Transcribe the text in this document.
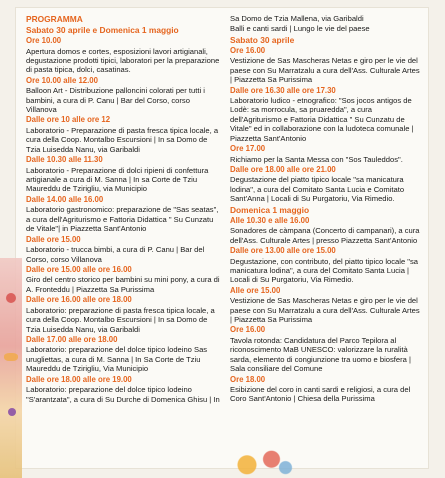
PROGRAMMA
Sabato 30 aprile e Domenica 1 maggio
Ore 10.00
Apertura domos e cortes, esposizioni lavori artigianali, degustazione prodotti tipici, laboratori per la preparazione di pasta tipica, dolci, casatinas.
Ore 10.00 alle 12.00
Balloon Art - Distribuzione palloncini colorati per tutti i bambini, a cura di P. Canu | Bar del Corso, corso Villanova
Dalle ore 10 alle ore 12
Laboratorio - Preparazione di pasta fresca tipica locale, a cura della Coop. Montalbo Escursioni | In sa Domo de Tzia Luisedda Nanu, via Garibaldi
Dalle 10.30 alle 11.30
Laboratorio - Preparazione di dolci ripieni di confettura artigianale a cura di M. Sanna | In sa Corte de Tziu Maureddu de Tzirigliu, via Municipio
Dalle 14.00 alle 16.00
Laboratorio gastronomico: preparazione de "Sas seatas", a cura dell'Agriturismo e Fattoria Didattica " Su Cunzatu de Vitale"| in Piazzetta Sant'Antonio
Dalle ore 15.00
Laboratorio - trucca bimbi, a cura di P. Canu | Bar del Corso, corso Villanova
Dalle ore 15.00 alle ore 16.00
Giro del centro storico per bambini su mini pony, a cura di A. Fronteddu | Piazzetta Sa Purissima
Dalle ore 16.00 alle ore 18.00
Laboratorio: preparazione di pasta fresca tipica locale, a cura della Coop. Montalbo Escursioni | In sa Domo de Tzia Luisedda Nanu, via Garibaldi
Dalle 17.00 alle ore 18.00
Laboratorio: preparazione del dolce tipico lodeino Sas urugliettas, a cura di M. Sanna | In Sa Corte de Tziu Maureddu de Tzirigliu, Via Municipio
Dalle ore 18.00 alle ore 19.00
Laboratorio: preparazione del dolce tipico lodeino "S'arantzata", a cura di Su Durche di Domenica Ghisu | In
Sa Domo de Tzia Mallena, via Garibaldi
Balli e canti sardi | Lungo le vie del paese
Sabato 30 aprile
Ore 16.00
Vestizione de Sas Mascheras Netas e giro per le vie del paese con Su Marratzalu a cura dell'Ass. Culturale Artes | Piazzetta Sa Purissima
Dalle ore 16.30 alle ore 17.30
Laboratorio ludico - etnografico: "Sos jocos antigos de Lodè: sa morrocula, sa pruaredda", a cura dell'Agriturismo e Fattoria Didattica " Su Cunzatu de Vitale" ed in collaborazione con la ludoteca comunale | Piazzetta Sant'Antonio
Ore 17.00
Richiamo per la Santa Messa con "Sos Tauleddos".
Dalle ore 18.00 alle ore 21.00
Degustazione del piatto tipico locale "sa manicatura lodina", a cura del Comitato Santa Lucia e Comitato Sant'Anna | Locali di Su Purgatoriu, Via Rimedio.
Domenica 1 maggio
Alle 10.30 e alle 16.00
Sonadores de càmpana (Concerto di campanari), a cura dell'Ass. Culturale Artes | presso Piazzetta Sant'Antonio
Dalle ore 13.00 alle ore 15.00
Degustazione, con contributo, del piatto tipico locale "sa manicatura lodina", a cura del Comitato Santa Lucia | Locali di Su Purgatoriu, Via Rimedio.
Alle ore 15.00
Vestizione de Sas Mascheras Netas e giro per le vie del paese con Su Marratzalu a cura dell'Ass. Culturale Artes | Piazzetta Sa Purissima
Ore 16.00
Tavola rotonda: Candidatura del Parco Tepilora al riconoscimento MaB UNESCO: valorizzare la ruralità sarda, elemento di congiunzione tra uomo e biosfera | Sala consiliare del Comune
Ore 18.00
Esibizione del coro in canti sardi e religiosi, a cura del Coro Sant'Antonio | Chiesa della Purissima
